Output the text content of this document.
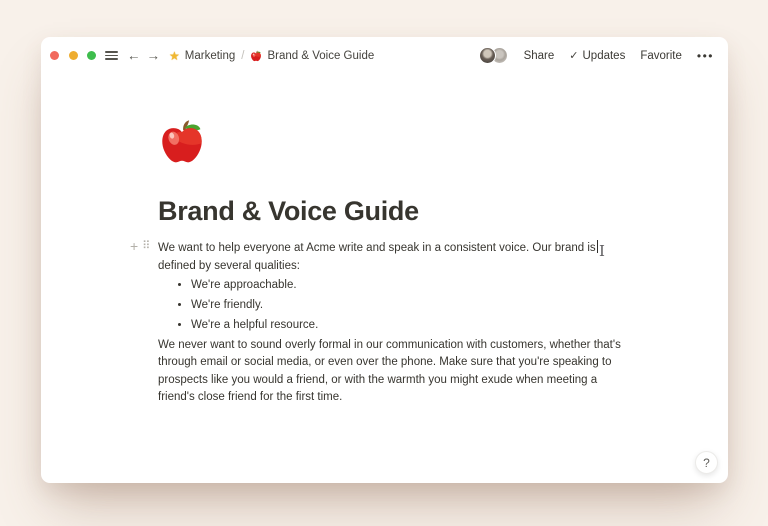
← → ★ Marketing / Brand & Voice Guide	Share ✓ Updates Favorite •••
Brand & Voice Guide
We want to help everyone at Acme write and speak in a consistent voice. Our brand is
defined by several qualities:
• We're approachable.
• We're friendly.
• We're a helpful resource.
We never want to sound overly formal in our communication with customers, whether that's
through email or social media, or even over the phone. Make sure that you're speaking to
prospects like you would a friend, or with the warmth you might exude when meeting a
friend's close friend for the first time.
+ ⠿	I
?
